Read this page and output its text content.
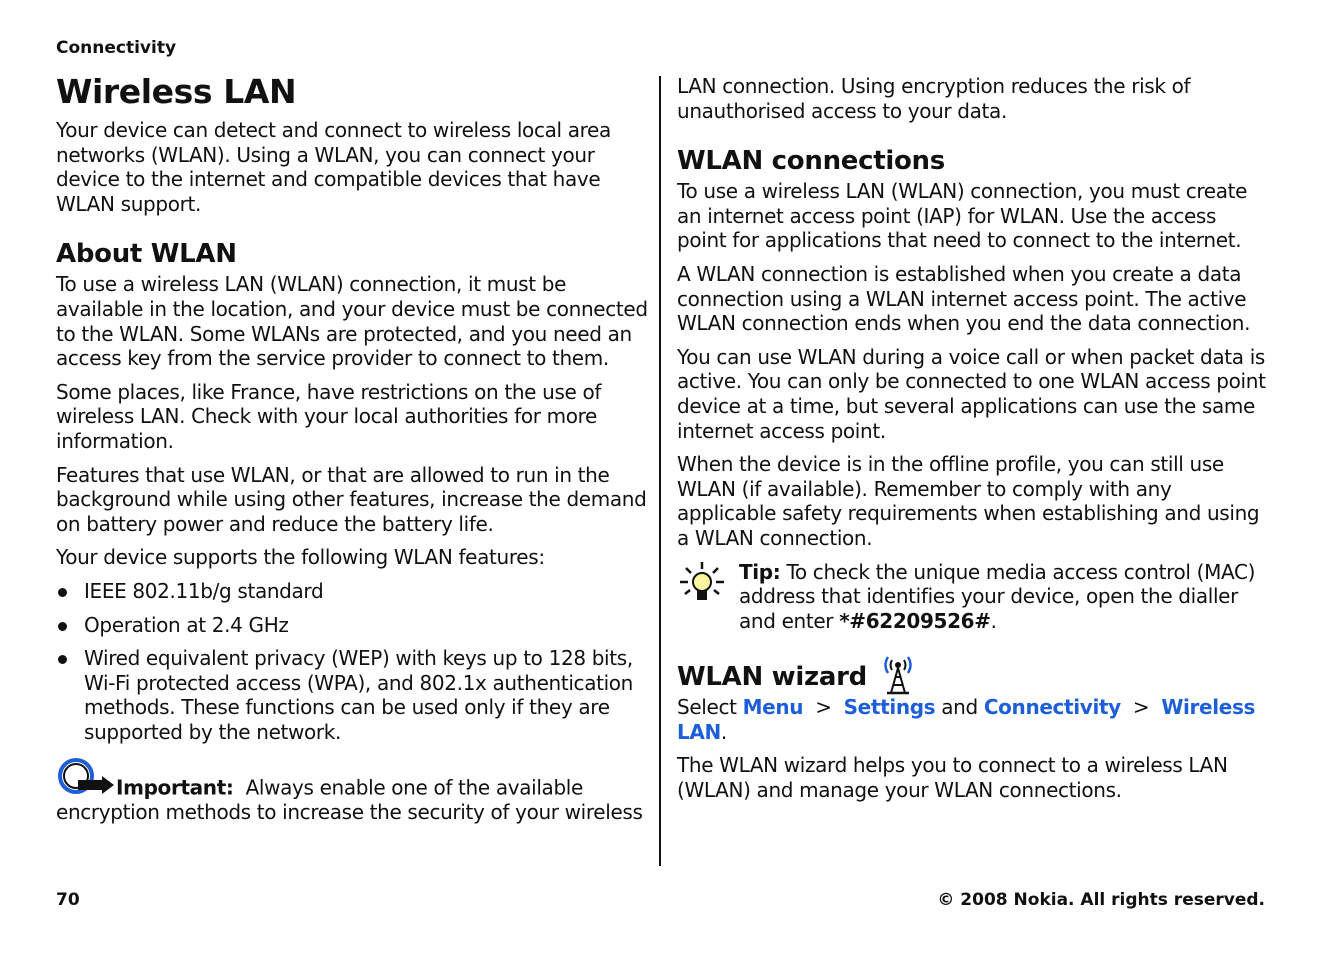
Connectivity
Wireless LAN

Your device can detect and connect to wireless local area networks (WLAN). Using a WLAN, you can connect your device to the internet and compatible devices that have WLAN support.

About WLAN

To use a wireless LAN (WLAN) connection, it must be available in the location, and your device must be connected to the WLAN. Some WLANs are protected, and you need an access key from the service provider to connect to them.

Some places, like France, have restrictions on the use of wireless LAN. Check with your local authorities for more information.

Features that use WLAN, or that are allowed to run in the background while using other features, increase the demand on battery power and reduce the battery life.

Your device supports the following WLAN features:

IEEE 802.11b/g standard
Operation at 2.4 GHz
Wired equivalent privacy (WEP) with keys up to 128 bits, Wi-Fi protected access (WPA), and 802.1x authentication methods. These functions can be used only if they are supported by the network.

Important: Always enable one of the available encryption methods to increase the security of your wireless

LAN connection. Using encryption reduces the risk of unauthorised access to your data.

WLAN connections

To use a wireless LAN (WLAN) connection, you must create an internet access point (IAP) for WLAN. Use the access point for applications that need to connect to the internet.

A WLAN connection is established when you create a data connection using a WLAN internet access point. The active WLAN connection ends when you end the data connection.

You can use WLAN during a voice call or when packet data is active. You can only be connected to one WLAN access point device at a time, but several applications can use the same internet access point.

When the device is in the offline profile, you can still use WLAN (if available). Remember to comply with any applicable safety requirements when establishing and using a WLAN connection.

Tip: To check the unique media access control (MAC) address that identifies your device, open the dialler and enter *#62209526#.

WLAN wizard

Select Menu > Settings and Connectivity > Wireless LAN.

The WLAN wizard helps you to connect to a wireless LAN (WLAN) and manage your WLAN connections.

70	© 2008 Nokia. All rights reserved.
